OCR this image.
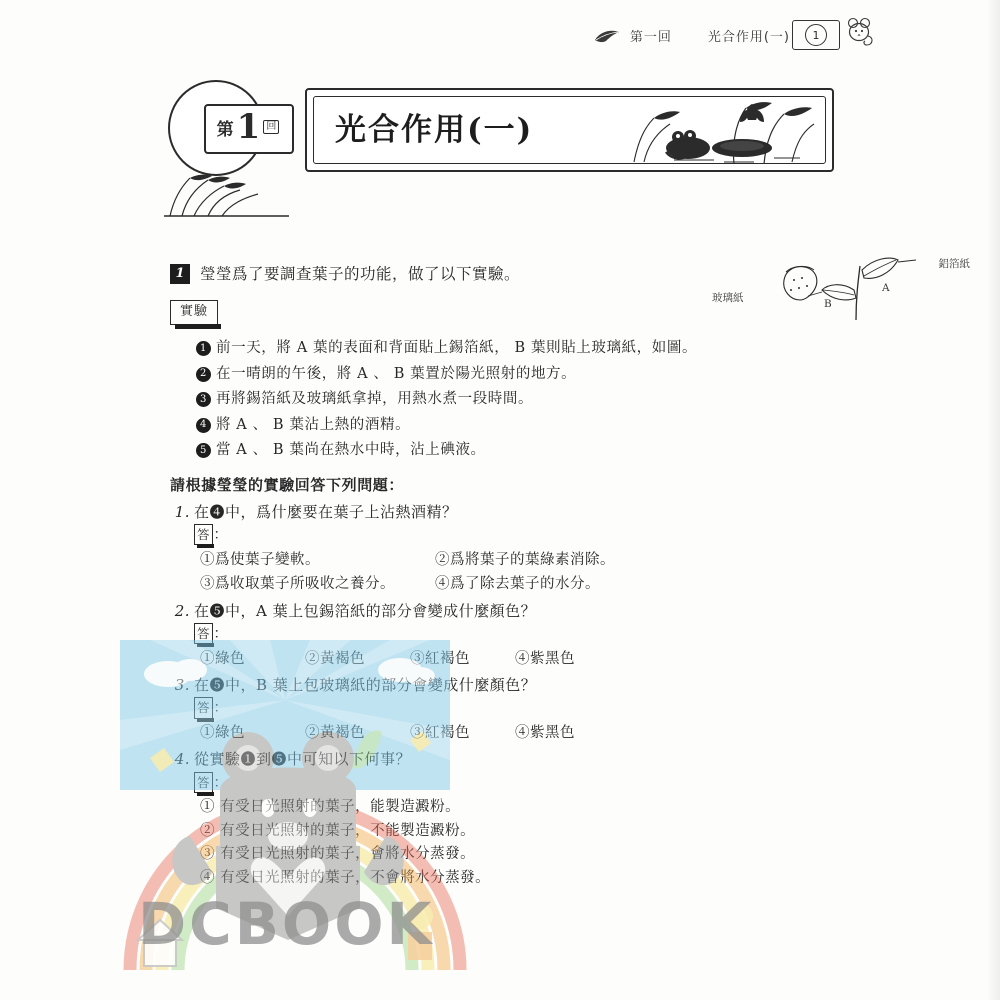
第一回	光合作用(一)	1
光合作用(一)
第 1 回
鋁箔紙
玻璃紙
A
B
1 瑩瑩爲了要調查葉子的功能，做了以下實驗。
實驗
1 前一天，將 A 葉的表面和背面貼上錫箔紙， B 葉則貼上玻璃紙，如圖。
2 在一晴朗的午後，將 A 、 B 葉置於陽光照射的地方。
3 再將錫箔紙及玻璃紙拿掉，用熱水煮一段時間。
4 將 A 、 B 葉沾上熱的酒精。
5 當 A 、 B 葉尚在熱水中時，沾上碘液。
請根據瑩瑩的實驗回答下列問題：
1. 在❹中，爲什麼要在葉子上沾熱酒精？
答 ：
①爲使葉子變軟。	②爲將葉子的葉綠素消除。
③爲收取葉子所吸收之養分。	④爲了除去葉子的水分。
2. 在❺中，A 葉上包錫箔紙的部分會變成什麼顏色？
答 ：
①綠色	②黃褐色	③紅褐色	④紫黑色
3. 在❺中，B 葉上包玻璃紙的部分會變成什麼顏色？
答 ：
①綠色	②黃褐色	③紅褐色	④紫黑色
4. 從實驗❶到❺中可知以下何事？
答 ：
① 有受日光照射的葉子，能製造澱粉。
② 有受日光照射的葉子，不能製造澱粉。
③ 有受日光照射的葉子，會將水分蒸發。
④ 有受日光照射的葉子，不會將水分蒸發。
DCBOOK
